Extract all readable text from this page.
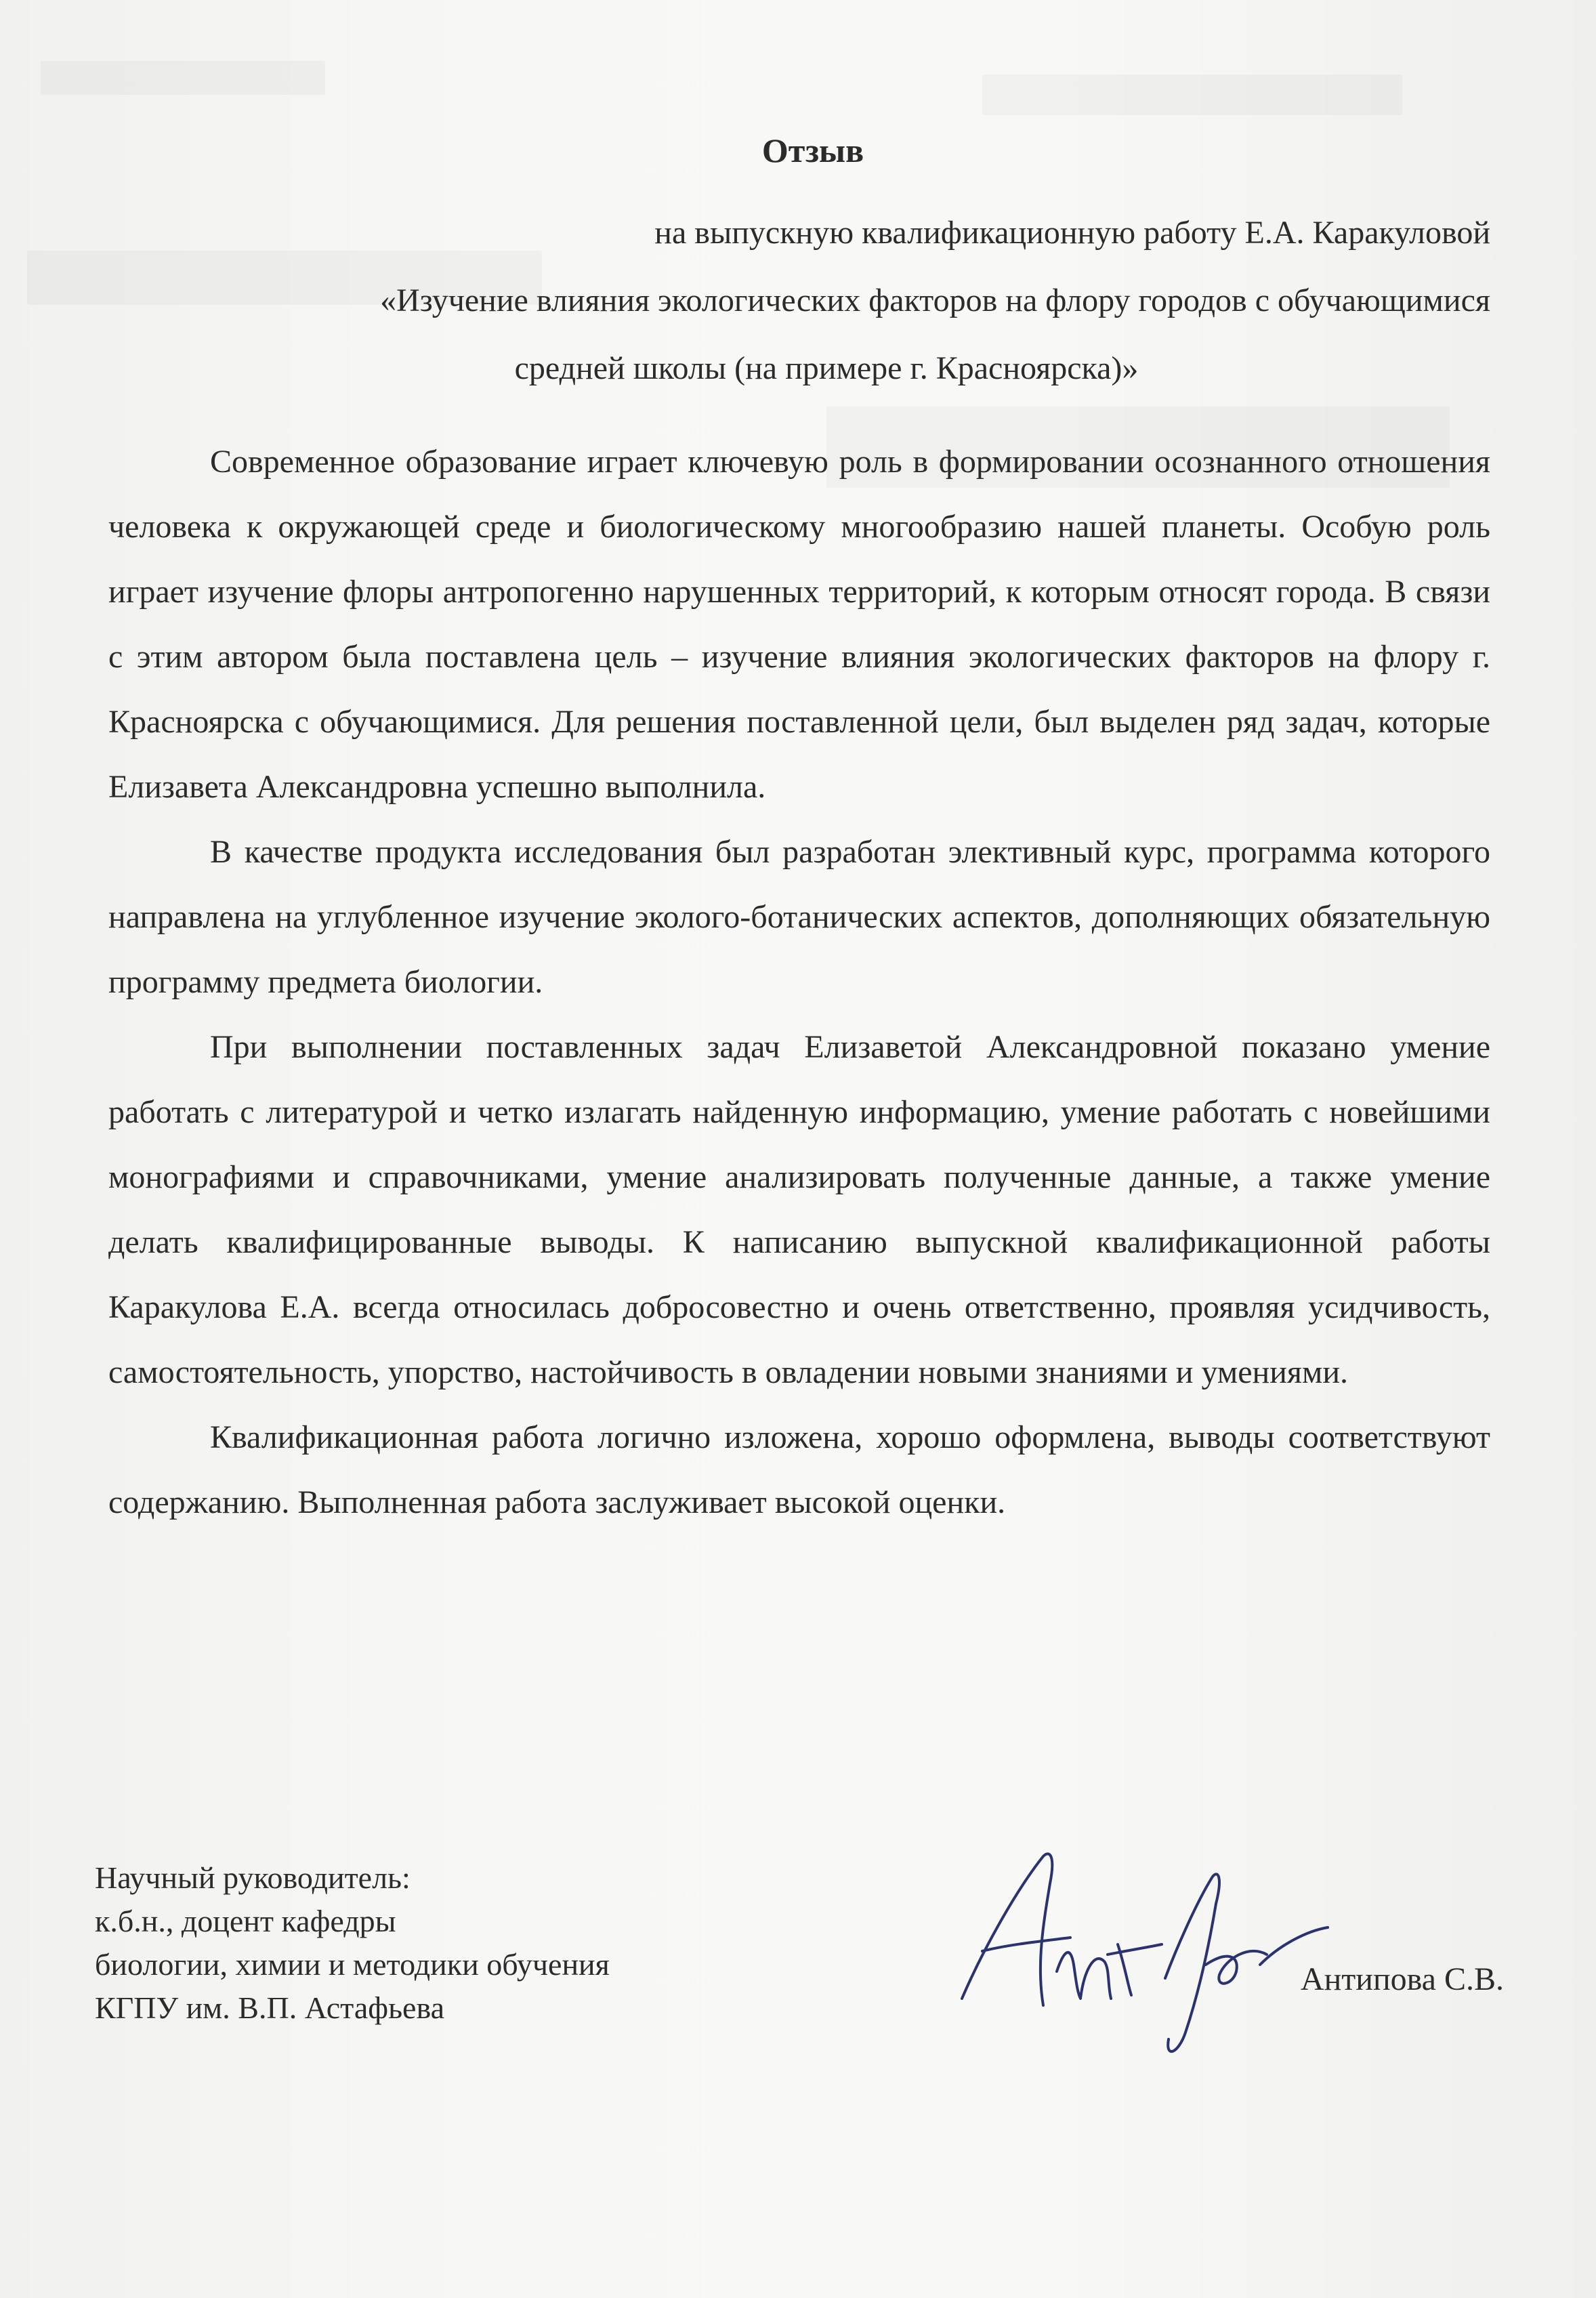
Отзыв
на выпускную квалификационную работу Е.А. Каракуловой
«Изучение влияния экологических факторов на флору городов с обучающимися
средней школы (на примере г. Красноярска)»

Современное образование играет ключевую роль в формировании осознанного отношения человека к окружающей среде и биологическому многообразию нашей планеты. Особую роль играет изучение флоры антропогенно нарушенных территорий, к которым относят города. В связи с этим автором была поставлена цель – изучение влияния экологических факторов на флору г. Красноярска с обучающимися. Для решения поставленной цели, был выделен ряд задач, которые Елизавета Александровна успешно выполнила.

В качестве продукта исследования был разработан элективный курс, программа которого направлена на углубленное изучение эколого-ботанических аспектов, дополняющих обязательную программу предмета биологии.

При выполнении поставленных задач Елизаветой Александровной показано умение работать с литературой и четко излагать найденную информацию, умение работать с новейшими монографиями и справочниками, умение анализировать полученные данные, а также умение делать квалифицированные выводы. К написанию выпускной квалификационной работы Каракулова Е.А. всегда относилась добросовестно и очень ответственно, проявляя усидчивость, самостоятельность, упорство, настойчивость в овладении новыми знаниями и умениями.

Квалификационная работа логично изложена, хорошо оформлена, выводы соответствуют содержанию. Выполненная работа заслуживает высокой оценки.

Научный руководитель:
к.б.н., доцент кафедры
биологии, химии и методики обучения
КГПУ им. В.П. Астафьева
Антипова С.В.
